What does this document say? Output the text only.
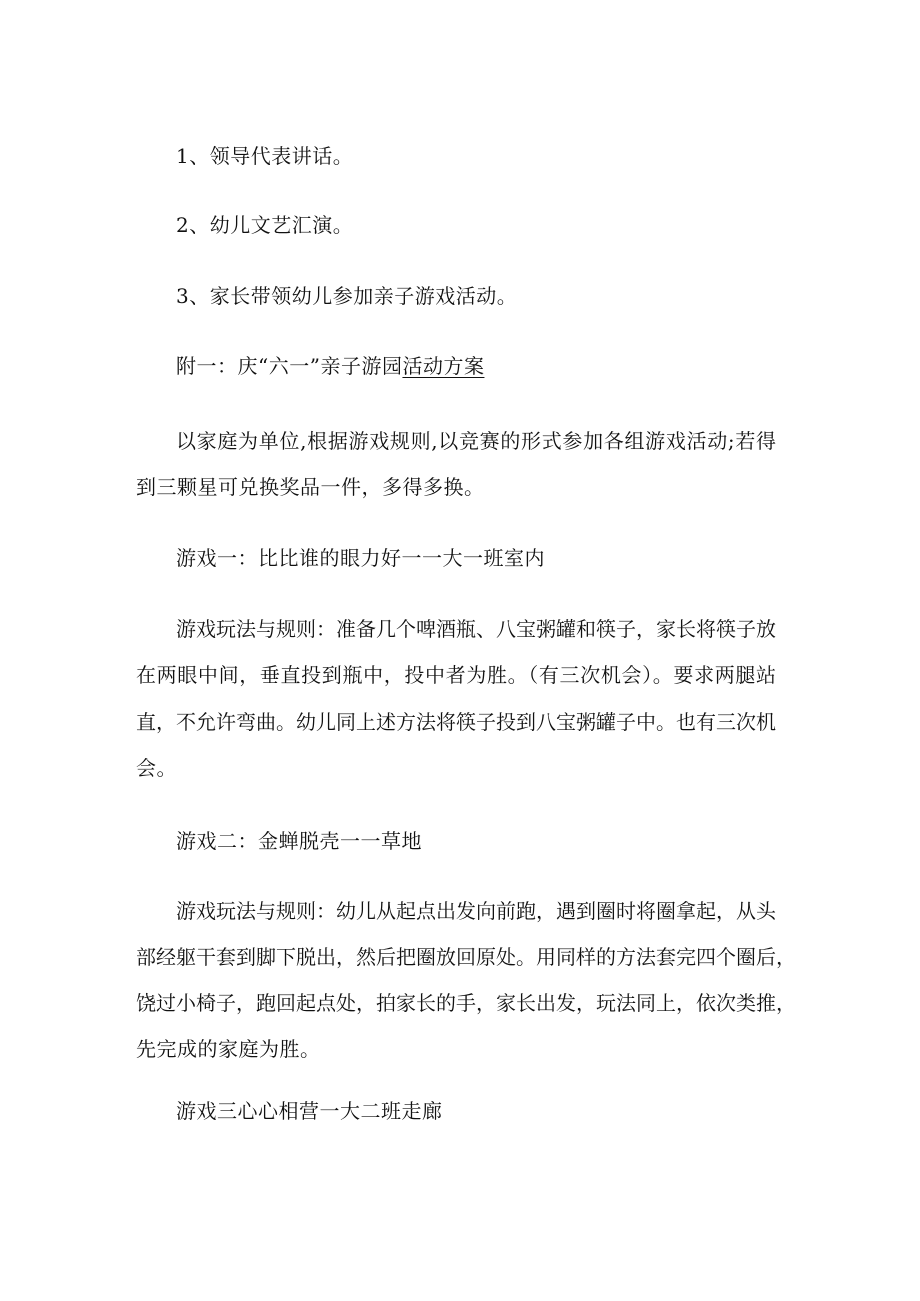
1、领导代表讲话。
2、幼儿文艺汇演。
3、家长带领幼儿参加亲子游戏活动。
附一：庆“六一”亲子游园活动方案
以家庭为单位,根据游戏规则,以竞赛的形式参加各组游戏活动;若得
到三颗星可兑换奖品一件，多得多换。
游戏一：比比谁的眼力好一一大一班室内
游戏玩法与规则：准备几个啤酒瓶、八宝粥罐和筷子，家长将筷子放
在两眼中间，垂直投到瓶中，投中者为胜。（有三次机会）。要求两腿站
直，不允许弯曲。幼儿同上述方法将筷子投到八宝粥罐子中。也有三次机
会。
游戏二：金蝉脱壳一一草地
游戏玩法与规则：幼儿从起点出发向前跑，遇到圈时将圈拿起，从头
部经躯干套到脚下脱出，然后把圈放回原处。用同样的方法套完四个圈后，
饶过小椅子，跑回起点处，拍家长的手，家长出发，玩法同上，依次类推，
先完成的家庭为胜。
游戏三心心相营一大二班走廊
